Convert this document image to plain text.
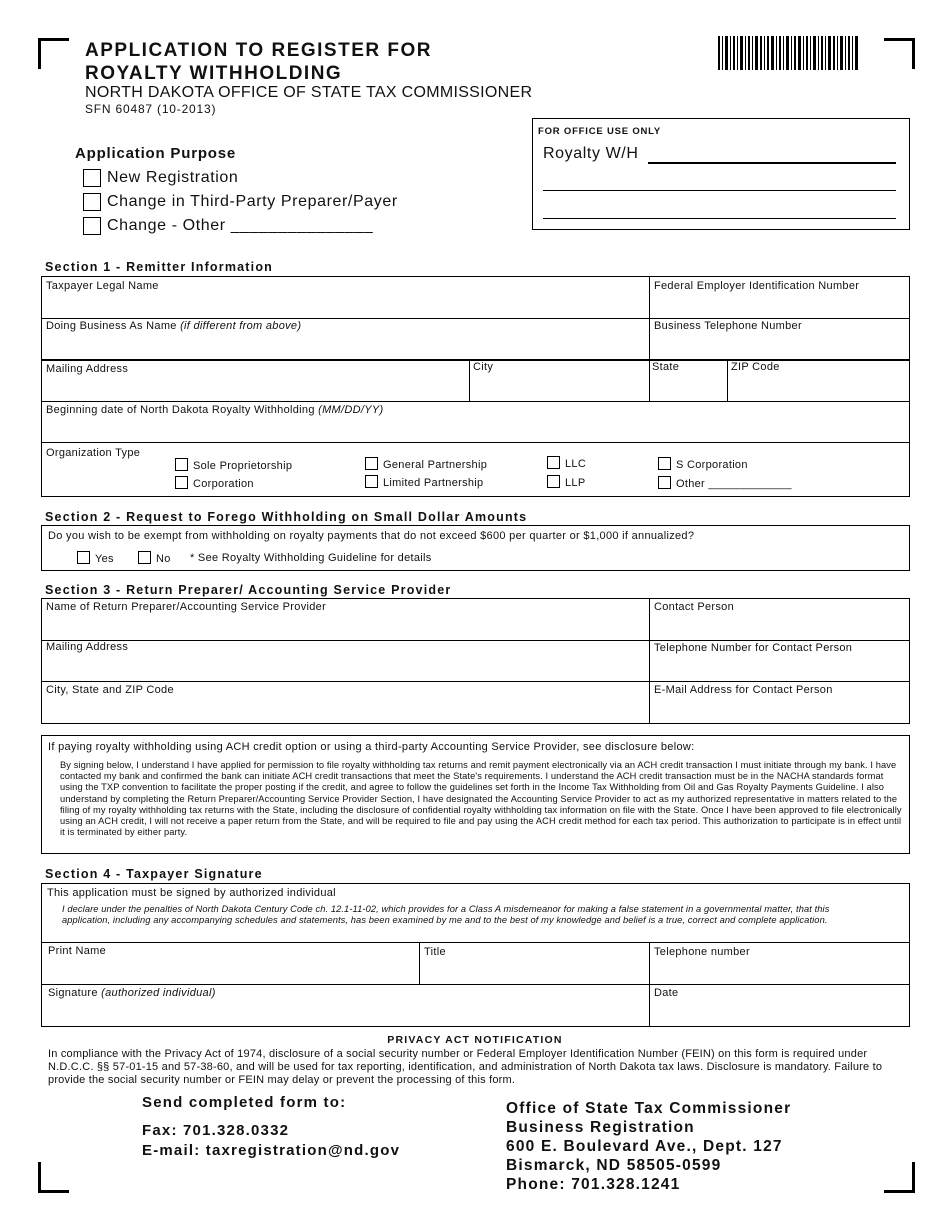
APPLICATION TO REGISTER FOR
ROYALTY WITHHOLDING
NORTH DAKOTA OFFICE OF STATE TAX COMMISSIONER
SFN 60487 (10-2013)
Application Purpose
New Registration
Change in Third-Party Preparer/Payer
Change - Other _______________
FOR OFFICE USE ONLY
Royalty W/H
Section 1 - Remitter Information
Taxpayer Legal Name	Federal Employer Identification Number
Doing Business As Name (if different from above)	Business Telephone Number
Mailing Address	City	State	ZIP Code
Beginning date of North Dakota Royalty Withholding (MM/DD/YY)
Organization Type
Sole Proprietorship
Corporation
General Partnership
Limited Partnership
LLC
LLP
S Corporation
Other _____________
Section 2 - Request to Forego Withholding on Small Dollar Amounts
Do you wish to be exempt from withholding on royalty payments that do not exceed $600 per quarter or $1,000 if annualized?
Yes	No * See Royalty Withholding Guideline for details
Section 3 - Return Preparer/ Accounting Service Provider
Name of Return Preparer/Accounting Service Provider	Contact Person
Mailing Address	Telephone Number for Contact Person
City, State and ZIP Code	E-Mail Address for Contact Person
If paying royalty withholding using ACH credit option or using a third-party Accounting Service Provider, see disclosure below:
By signing below, I understand I have applied for permission to file royalty withholding tax returns and remit payment electronically via an ACH credit transaction I must initiate through my bank. I have contacted my bank and confirmed the bank can initiate ACH credit transactions that meet the State's requirements. I understand the ACH credit transaction must be in the NACHA standards format using the TXP convention to facilitate the proper posting if the credit, and agree to follow the guidelines set forth in the Income Tax Withholding from Oil and Gas Royalty Payments Guideline. I also understand by completing the Return Preparer/Accounting Service Provider Section, I have designated the Accounting Service Provider to act as my authorized representative in matters related to the filing of my royalty withholding tax returns with the State, including the disclosure of confidential royalty withholding tax information on file with the State. Once I have been approved to file electronically using an ACH credit, I will not receive a paper return from the State, and will be required to file and pay using the ACH credit method for each tax period. This authorization to participate is in effect until it is terminated by either party.
Section 4 - Taxpayer Signature
This application must be signed by authorized individual
I declare under the penalties of North Dakota Century Code ch. 12.1-11-02, which provides for a Class A misdemeanor for making a false statement in a governmental matter, that this application, including any accompanying schedules and statements, has been examined by me and to the best of my knowledge and belief is a true, correct and complete application.
Print Name	Title	Telephone number
Signature (authorized individual)	Date
PRIVACY ACT NOTIFICATION
In compliance with the Privacy Act of 1974, disclosure of a social security number or Federal Employer Identification Number (FEIN) on this form is required under N.D.C.C. §§ 57-01-15 and 57-38-60, and will be used for tax reporting, identification, and administration of North Dakota tax laws. Disclosure is mandatory. Failure to provide the social security number or FEIN may delay or prevent the processing of this form.
Send completed form to:
Fax: 701.328.0332
E-mail: taxregistration@nd.gov
Office of State Tax Commissioner
Business Registration
600 E. Boulevard Ave., Dept. 127
Bismarck, ND 58505-0599
Phone: 701.328.1241
